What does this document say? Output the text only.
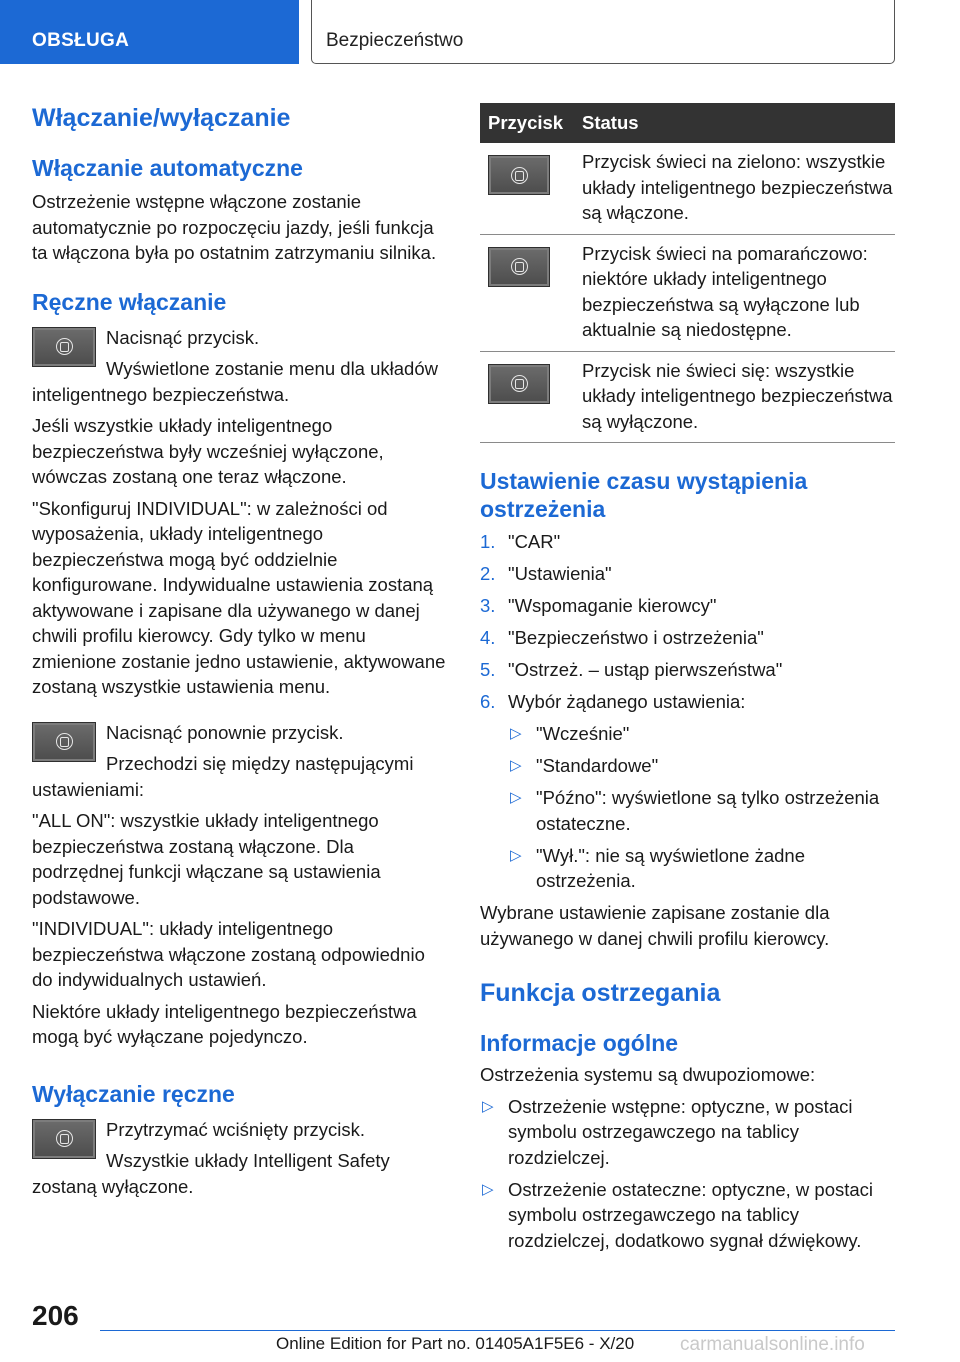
OBSŁUGA	Bezpieczeństwo
Włączanie/wyłączanie
Włączanie automatyczne

Ostrzeżenie wstępne włączone zostanie automatycznie po rozpoczęciu jazdy, jeśli funkcja ta włączona była po ostatnim zatrzymaniu silnika.

Ręczne włączanie

Nacisnąć przycisk.

Wyświetlone zostanie menu dla układów inteligentnego bezpieczeństwa.

Jeśli wszystkie układy inteligentnego bezpieczeństwa były wcześniej wyłączone, wówczas zostaną one teraz włączone.

"Skonfiguruj INDIVIDUAL": w zależności od wyposażenia, układy inteligentnego bezpieczeństwa mogą być oddzielnie konfigurowane. Indywidualne ustawienia zostaną aktywowane i zapisane dla używanego w danej chwili profilu kierowcy. Gdy tylko w menu zmienione zostanie jedno ustawienie, aktywowane zostaną wszystkie ustawienia menu.

Nacisnąć ponownie przycisk.

Przechodzi się między następującymi ustawieniami:

"ALL ON": wszystkie układy inteligentnego bezpieczeństwa zostaną włączone. Dla podrzędnej funkcji włączane są ustawienia podstawowe.

"INDIVIDUAL": układy inteligentnego bezpieczeństwa włączone zostaną odpowiednio do indywidualnych ustawień.

Niektóre układy inteligentnego bezpieczeństwa mogą być wyłączane pojedynczo.

Wyłączanie ręczne

Przytrzymać wciśnięty przycisk.

Wszystkie układy Intelligent Safety zostaną wyłączone.

Przycisk	Status

	Przycisk świeci na zielono: wszystkie układy inteligentnego bezpieczeństwa są włączone.

	Przycisk świeci na pomarańczowo: niektóre układy inteligentnego bezpieczeństwa są wyłączone lub aktualnie są niedostępne.

	Przycisk nie świeci się: wszystkie układy inteligentnego bezpieczeństwa są wyłączone.
Ustawienie czasu wystąpienia ostrzeżenia
1. "CAR"
2. "Ustawienia"
3. "Wspomaganie kierowcy"
4. "Bezpieczeństwo i ostrzeżenia"
5. "Ostrzeż. – ustąp pierwszeństwa"
6. Wybór żądanego ustawienia:
▷ "Wcześnie"
▷ "Standardowe"
▷ "Późno": wyświetlone są tylko ostrzeżenia ostateczne.
▷ "Wył.": nie są wyświetlone żadne ostrzeżenia.

Wybrane ustawienie zapisane zostanie dla używanego w danej chwili profilu kierowcy.

Funkcja ostrzegania
Informacje ogólne

Ostrzeżenia systemu są dwupoziomowe:

▷ Ostrzeżenie wstępne: optyczne, w postaci symbolu ostrzegawczego na tablicy rozdzielczej.
▷ Ostrzeżenie ostateczne: optyczne, w postaci symbolu ostrzegawczego na tablicy rozdzielczej, dodatkowo sygnał dźwiękowy.
206
Online Edition for Part no. 01405A1F5E6 - X/20 carmanualsonline.info
